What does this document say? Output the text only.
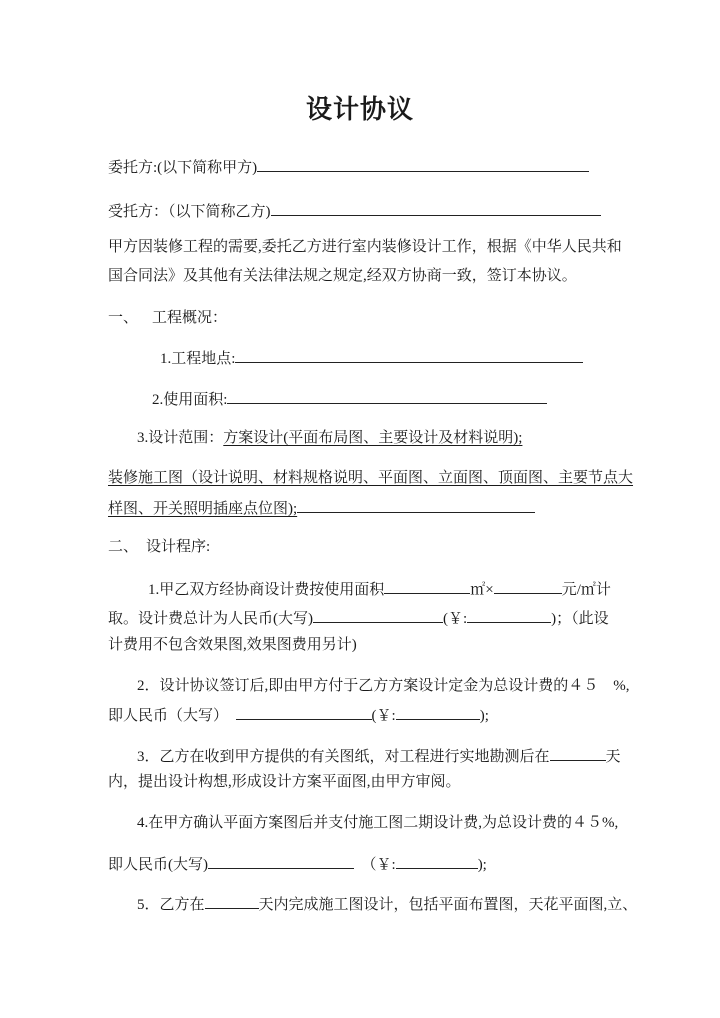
设计协议
委托方:(以下简称甲方)
受托方：（以下简称乙方)
甲方因装修工程的需要,委托乙方进行室内装修设计工作，根据《中华人民共和
国合同法》及其他有关法律法规之规定,经双方协商一致，签订本协议。
一、 工程概况：
1.工程地点:
2.使用面积:
3.设计范围：方案设计(平面布局图、主要设计及材料说明);
装修施工图（设计说明、材料规格说明、平面图、立面图、顶面图、主要节点大
样图、开关照明插座点位图);
二、 设计程序:
1.甲乙双方经协商设计费按使用面积	㎡×	元/㎡计
取。设计费总计为人民币(大写)	(￥:	)；（此设
计费用不包含效果图,效果图费用另计)
2．设计协议签订后,即由甲方付于乙方方案设计定金为总设计费的４５　%,
即人民币（大写）　	(￥:	);
3．乙方在收到甲方提供的有关图纸，对工程进行实地勘测后在	天
内，提出设计构想,形成设计方案平面图,由甲方审阅。
4.在甲方确认平面方案图后并支付施工图二期设计费,为总设计费的４５%,
即人民币(大写)　	（￥:	);
5．乙方在	天内完成施工图设计，包括平面布置图，天花平面图,立、
